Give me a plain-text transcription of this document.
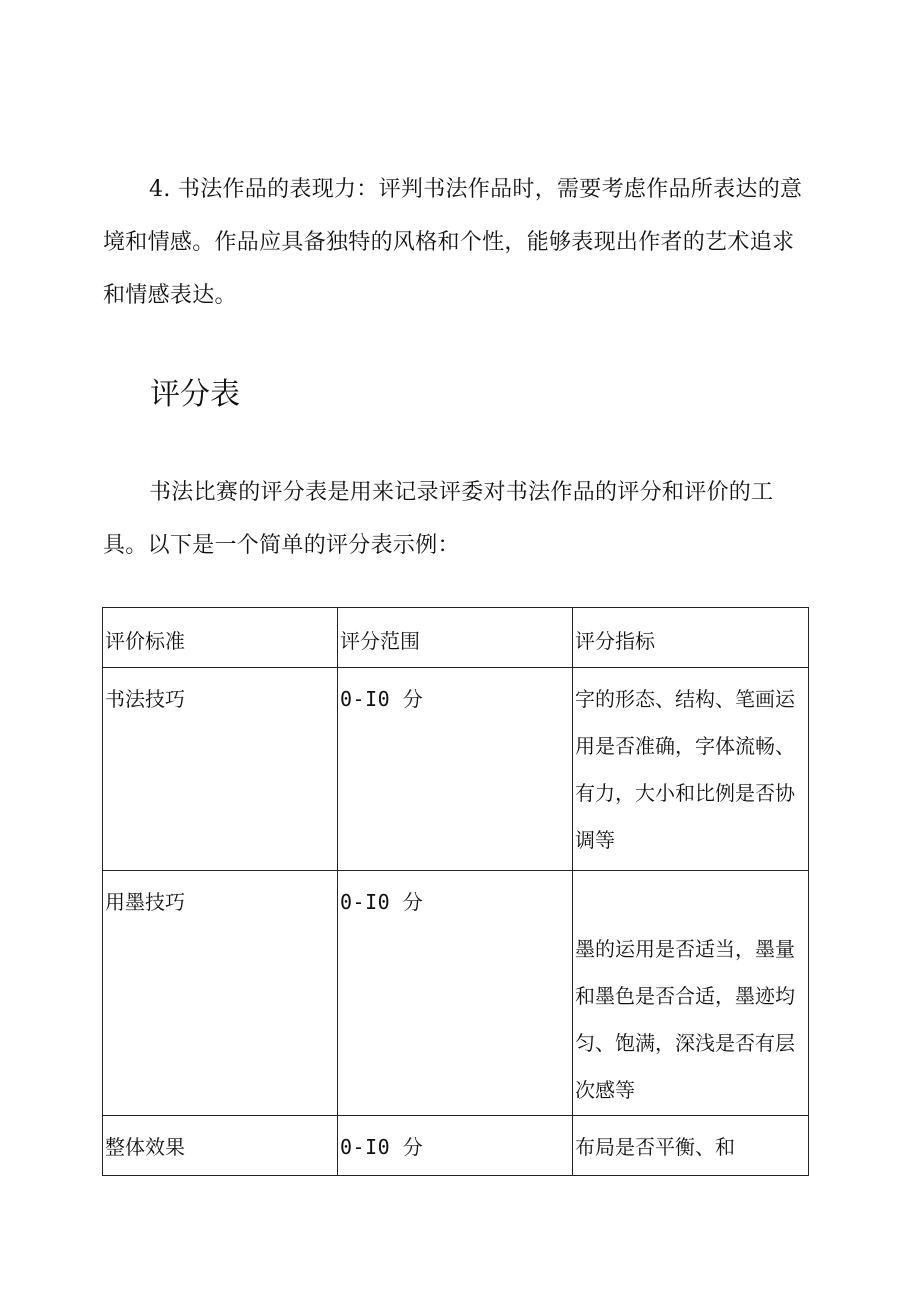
4. 书法作品的表现力：评判书法作品时，需要考虑作品所表达的意境和情感。作品应具备独特的风格和个性，能够表现出作者的艺术追求和情感表达。

评分表

书法比赛的评分表是用来记录评委对书法作品的评分和评价的工具。以下是一个简单的评分表示例：

评价标准	评分范围	评分指标
书法技巧	0-I0 分	字的形态、结构、笔画运用是否准确，字体流畅、有力，大小和比例是否协调等
用墨技巧	0-I0 分	墨的运用是否适当，墨量和墨色是否合适，墨迹均匀、饱满，深浅是否有层次感等

整体效果	0-I0 分	布局是否平衡、和
